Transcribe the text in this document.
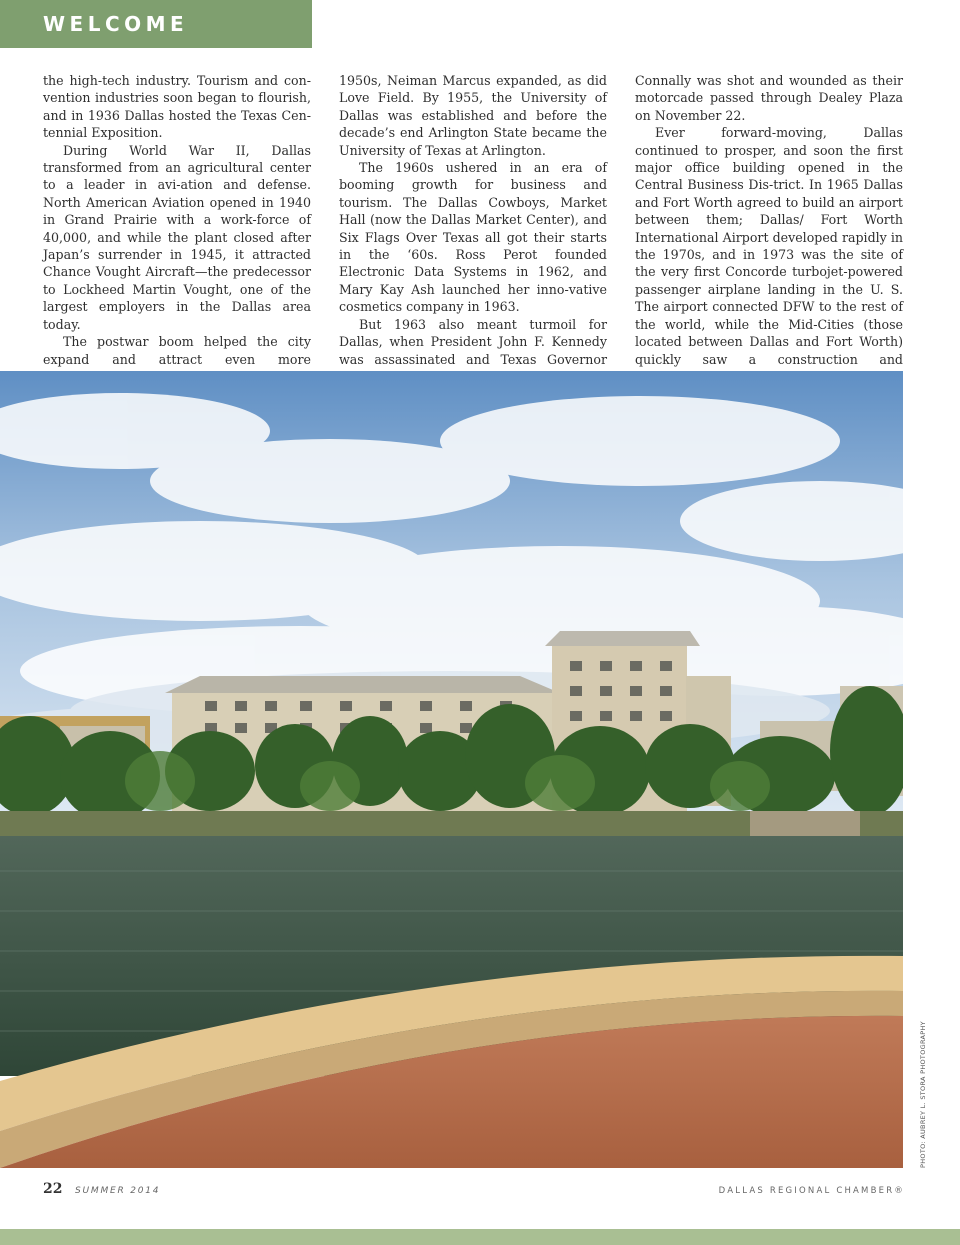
WELCOME

the high-tech industry. Tourism and con-vention industries soon began to flourish, and in 1936 Dallas hosted the Texas Cen-tennial Exposition.

During World War II, Dallas transformed from an agricultural center to a leader in avi-ation and defense. North American Aviation opened in 1940 in Grand Prairie with a work-force of 40,000, and while the plant closed after Japan’s surrender in 1945, it attracted Chance Vought Aircraft—the predecessor to Lockheed Martin Vought, one of the largest employers in the Dallas area today.

The postwar boom helped the city expand and attract even more

1950s, Neiman Marcus expanded, as did Love Field. By 1955, the University of Dallas was established and before the decade’s end Arlington State became the University of Texas at Arlington.

The 1960s ushered in an era of booming growth for business and tourism. The Dallas Cowboys, Market Hall (now the Dallas Market Center), and Six Flags Over Texas all got their starts in the ‘60s. Ross Perot founded Electronic Data Systems in 1962, and Mary Kay Ash launched her inno-vative cosmetics company in 1963.

But 1963 also meant turmoil for Dallas, when President John F. Kennedy was assassinated and Texas Governor

Connally was shot and wounded as their motorcade passed through Dealey Plaza on November 22.

Ever forward-moving, Dallas continued to prosper, and soon the first major office building opened in the Central Business Dis-trict. In 1965 Dallas and Fort Worth agreed to build an airport between them; Dallas/ Fort Worth International Airport developed rapidly in the 1970s, and in 1973 was the site of the very first Concorde turbojet-powered passenger airplane landing in the U. S. The airport connected DFW to the rest of the world, while the Mid-Cities (those located between Dallas and Fort Worth) quickly saw a construction and

PHOTO: AUBREY L. STORA PHOTOGRAPHY
22 SUMMER 2014	DALLAS REGIONAL CHAMBER®
